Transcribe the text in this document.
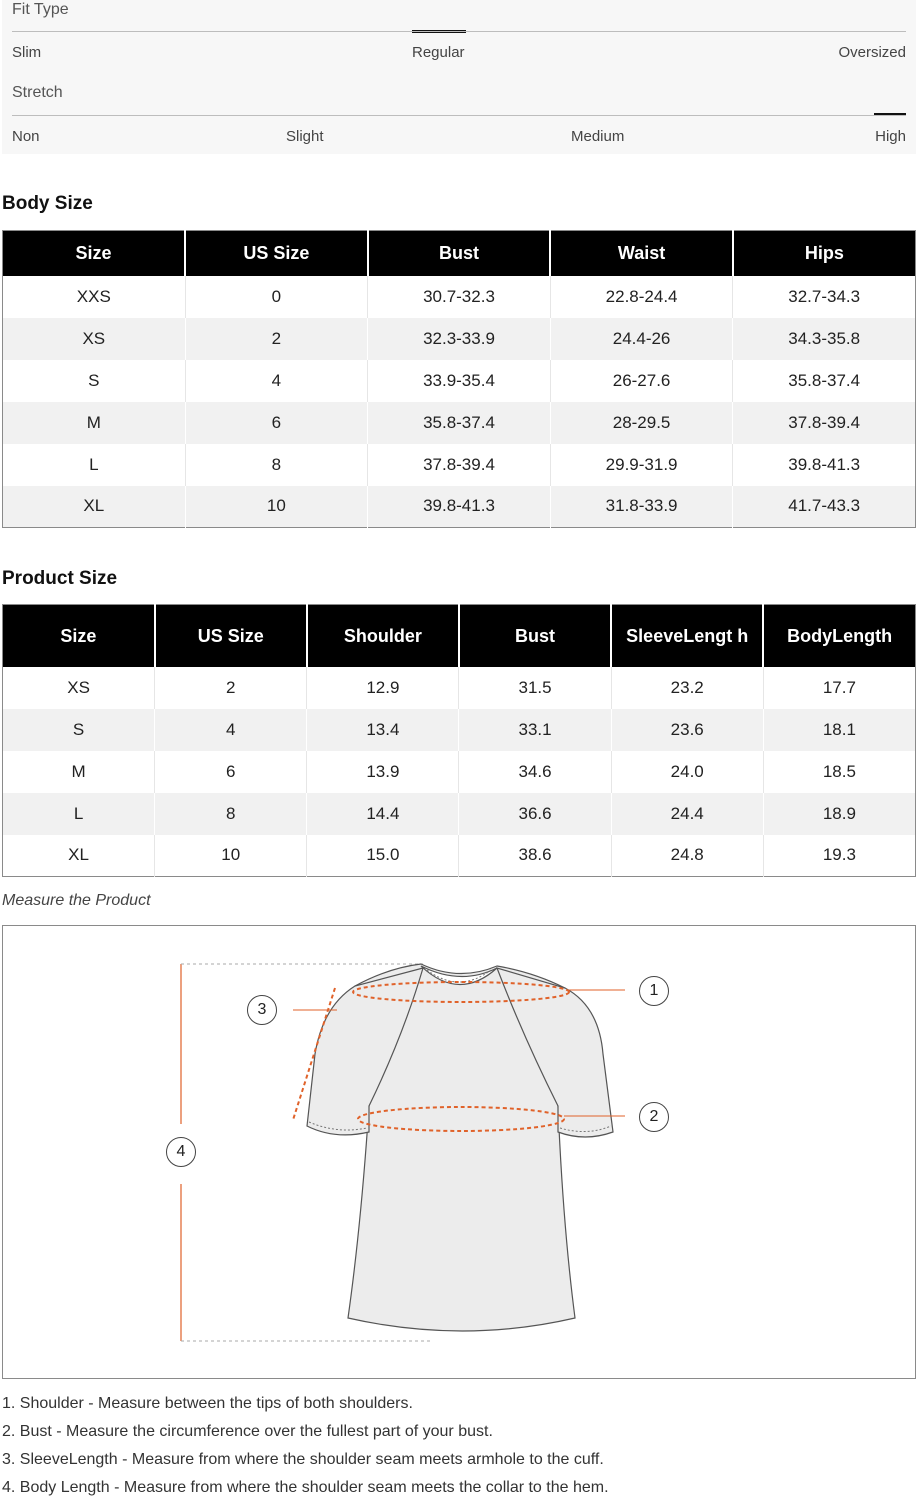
Fit Type
Slim	Regular	Oversized
Stretch
Non	Slight	Medium	High
Body Size
Size	US Size	Bust	Waist	Hips
XXS	0	30.7-32.3	22.8-24.4	32.7-34.3
XS	2	32.3-33.9	24.4-26	34.3-35.8
S	4	33.9-35.4	26-27.6	35.8-37.4
M	6	35.8-37.4	28-29.5	37.8-39.4
L	8	37.8-39.4	29.9-31.9	39.8-41.3
XL	10	39.8-41.3	31.8-33.9	41.7-43.3
Product Size
Size	US Size	Shoulder	Bust	SleeveLengt h	BodyLength
XS	2	12.9	31.5	23.2	17.7
S	4	13.4	33.1	23.6	18.1
M	6	13.9	34.6	24.0	18.5
L	8	14.4	36.6	24.4	18.9
XL	10	15.0	38.6	24.8	19.3
Measure the Product
1
2
3
4
1. Shoulder - Measure between the tips of both shoulders.
2. Bust - Measure the circumference over the fullest part of your bust.
3. SleeveLength - Measure from where the shoulder seam meets armhole to the cuff.
4. Body Length - Measure from where the shoulder seam meets the collar to the hem.
